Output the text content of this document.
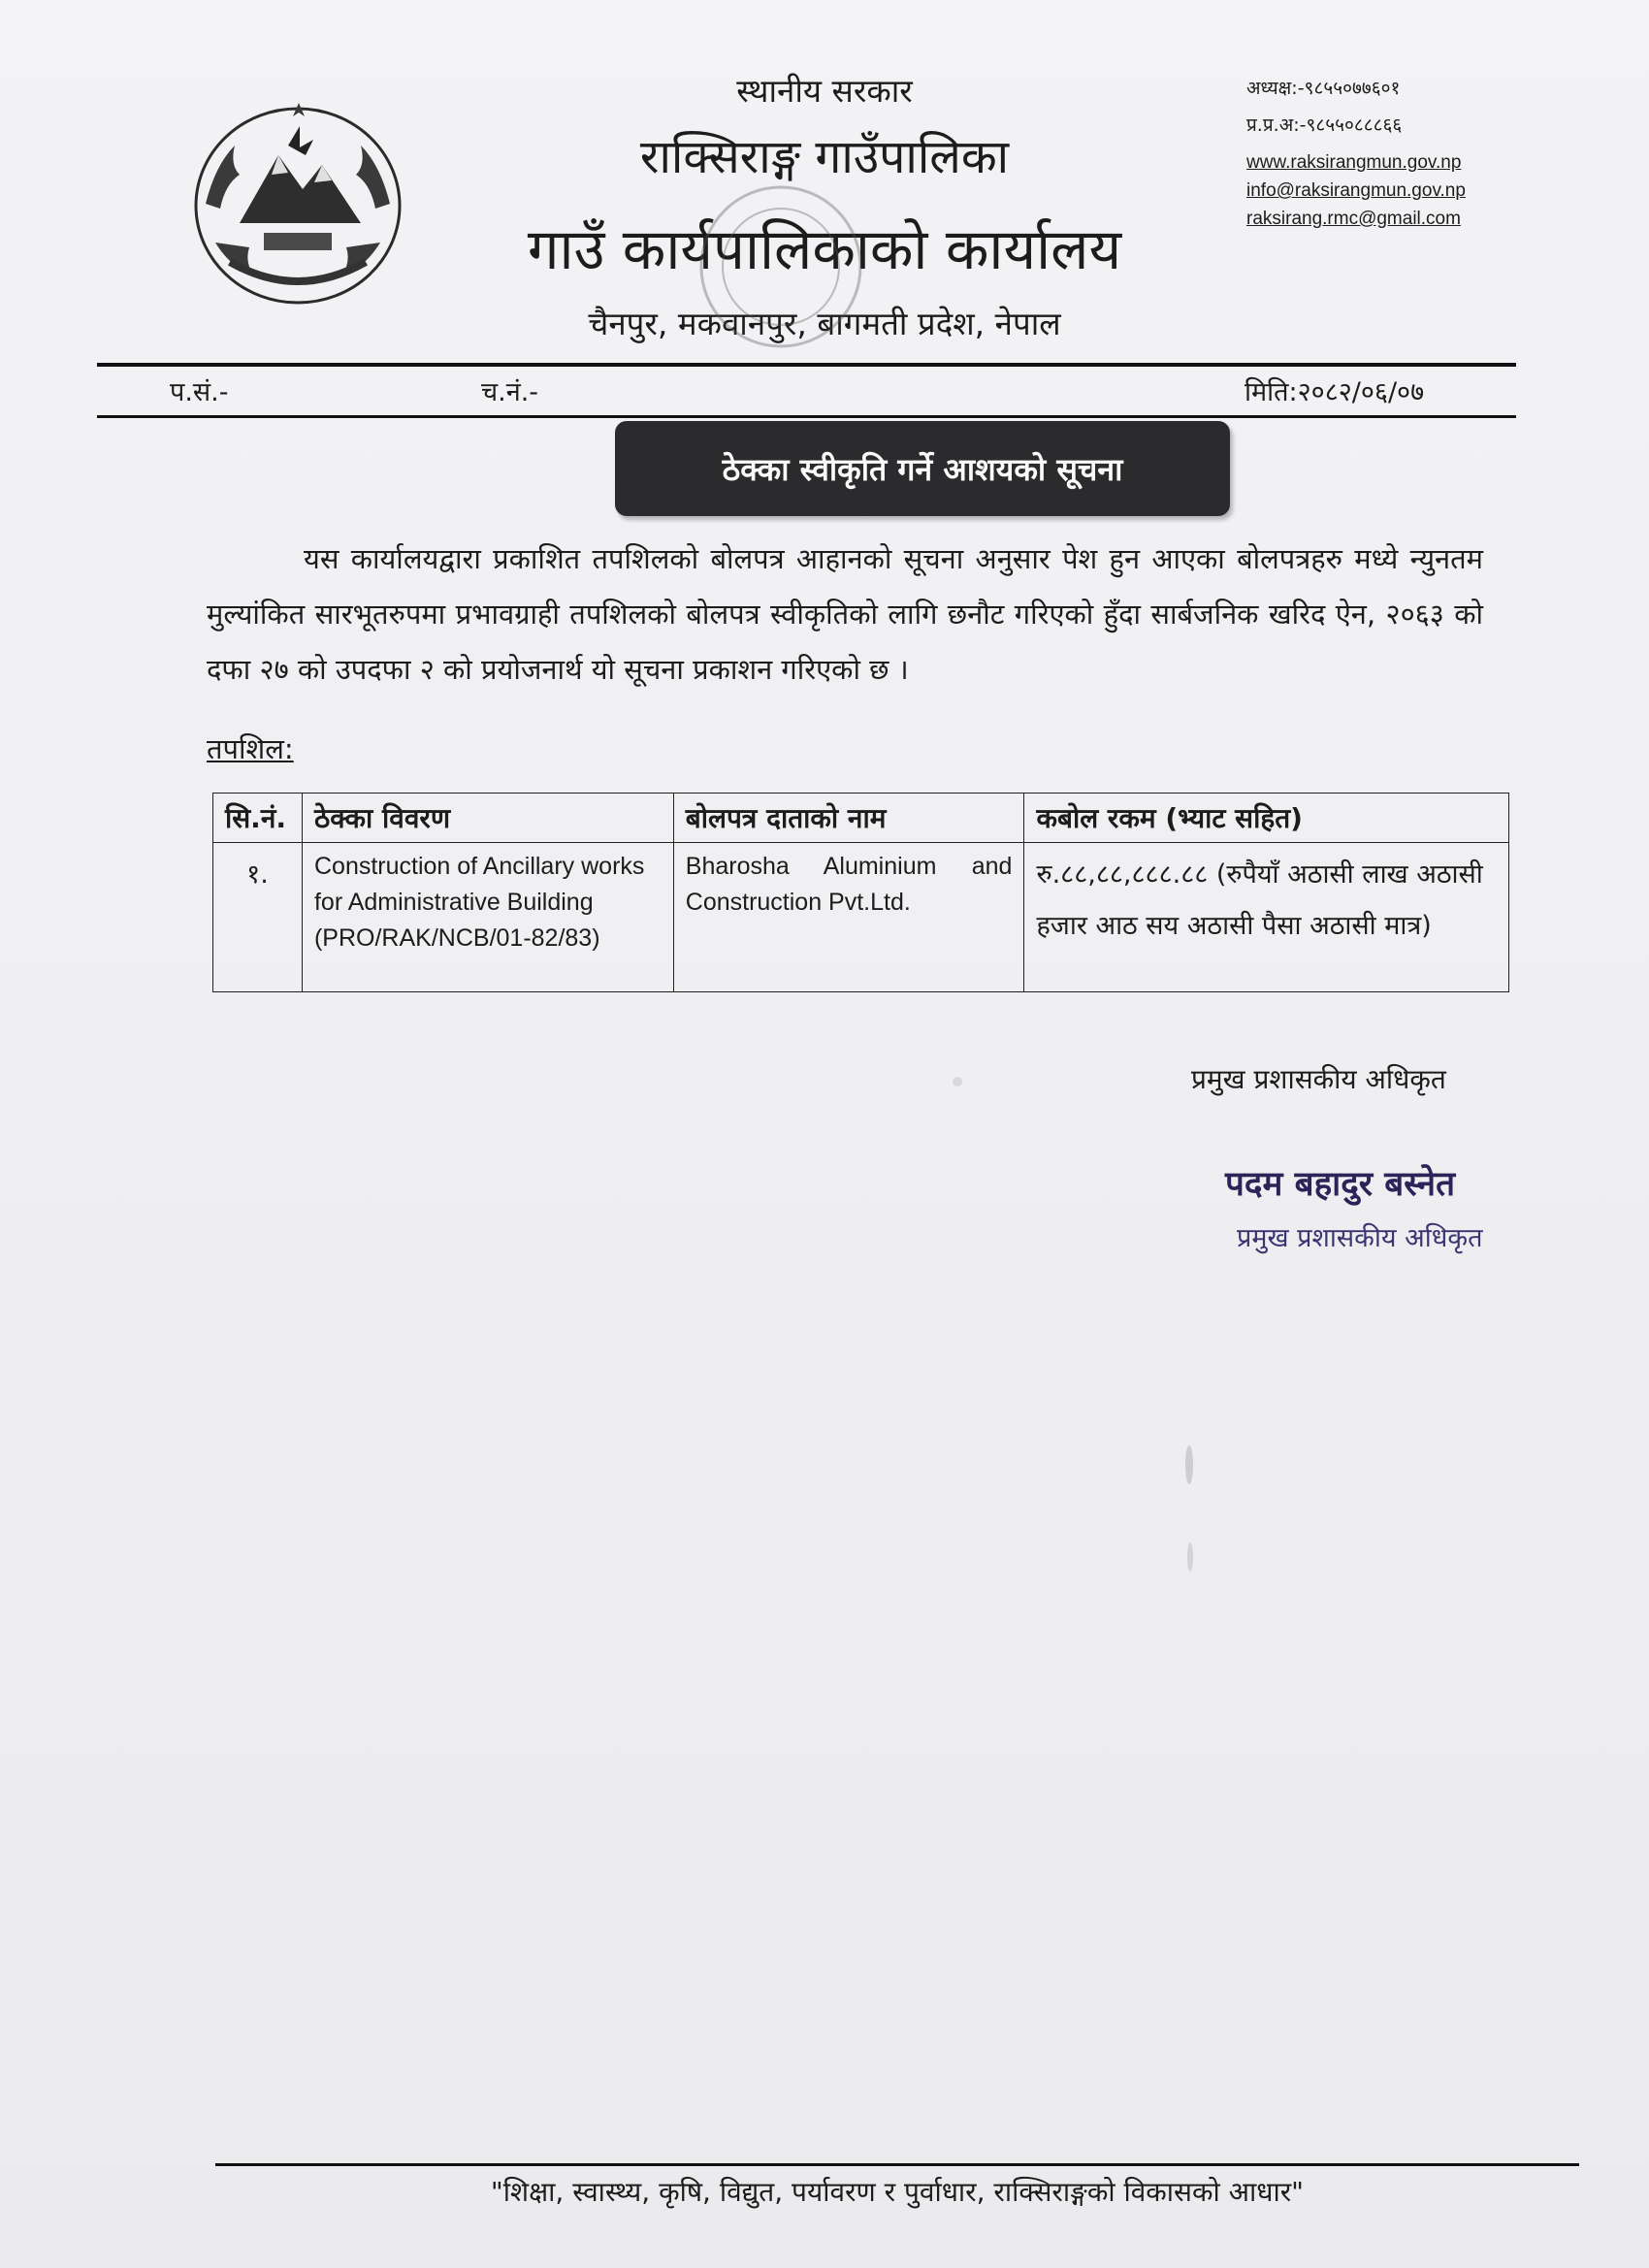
स्थानीय सरकार
राक्सिराङ्ग गाउँपालिका
गाउँ कार्यपालिकाको कार्यालय
चैनपुर, मकवानपुर, बागमती प्रदेश, नेपाल
अध्यक्ष:-९८५५०७७६०१
प्र.प्र.अ:-९८५५०८८८६६
www.raksirangmun.gov.np
info@raksirangmun.gov.np
raksirang.rmc@gmail.com
प.सं.-	च.नं.-	मिति:२०८२/०६/०७
ठेक्का स्वीकृति गर्ने आशयको सूचना
यस कार्यालयद्वारा प्रकाशित तपशिलको बोलपत्र आहानको सूचना अनुसार पेश हुन आएका बोलपत्रहरु मध्ये न्युनतम मुल्यांकित सारभूतरुपमा प्रभावग्राही तपशिलको बोलपत्र स्वीकृतिको लागि छनौट गरिएको हुँदा सार्बजनिक खरिद ऐन, २०६३ को दफा २७ को उपदफा २ को प्रयोजनार्थ यो सूचना प्रकाशन गरिएको छ ।
तपशिल:
सि.नं.	ठेक्का विवरण	बोलपत्र दाताको नाम	कबोल रकम (भ्याट सहित)
१.	Construction of Ancillary works for Administrative Building (PRO/RAK/NCB/01-82/83)	Bharosha Aluminium and Construction Pvt.Ltd.	रु.८८,८८,८८८.८८ (रुपैयाँ अठासी लाख अठासी हजार आठ सय अठासी पैसा अठासी मात्र)
प्रमुख प्रशासकीय अधिकृत
पदम बहादुर बस्नेत
प्रमुख प्रशासकीय अधिकृत
"शिक्षा, स्वास्थ्य, कृषि, विद्युत, पर्यावरण र पुर्वाधार, राक्सिराङ्गको विकासको आधार"
